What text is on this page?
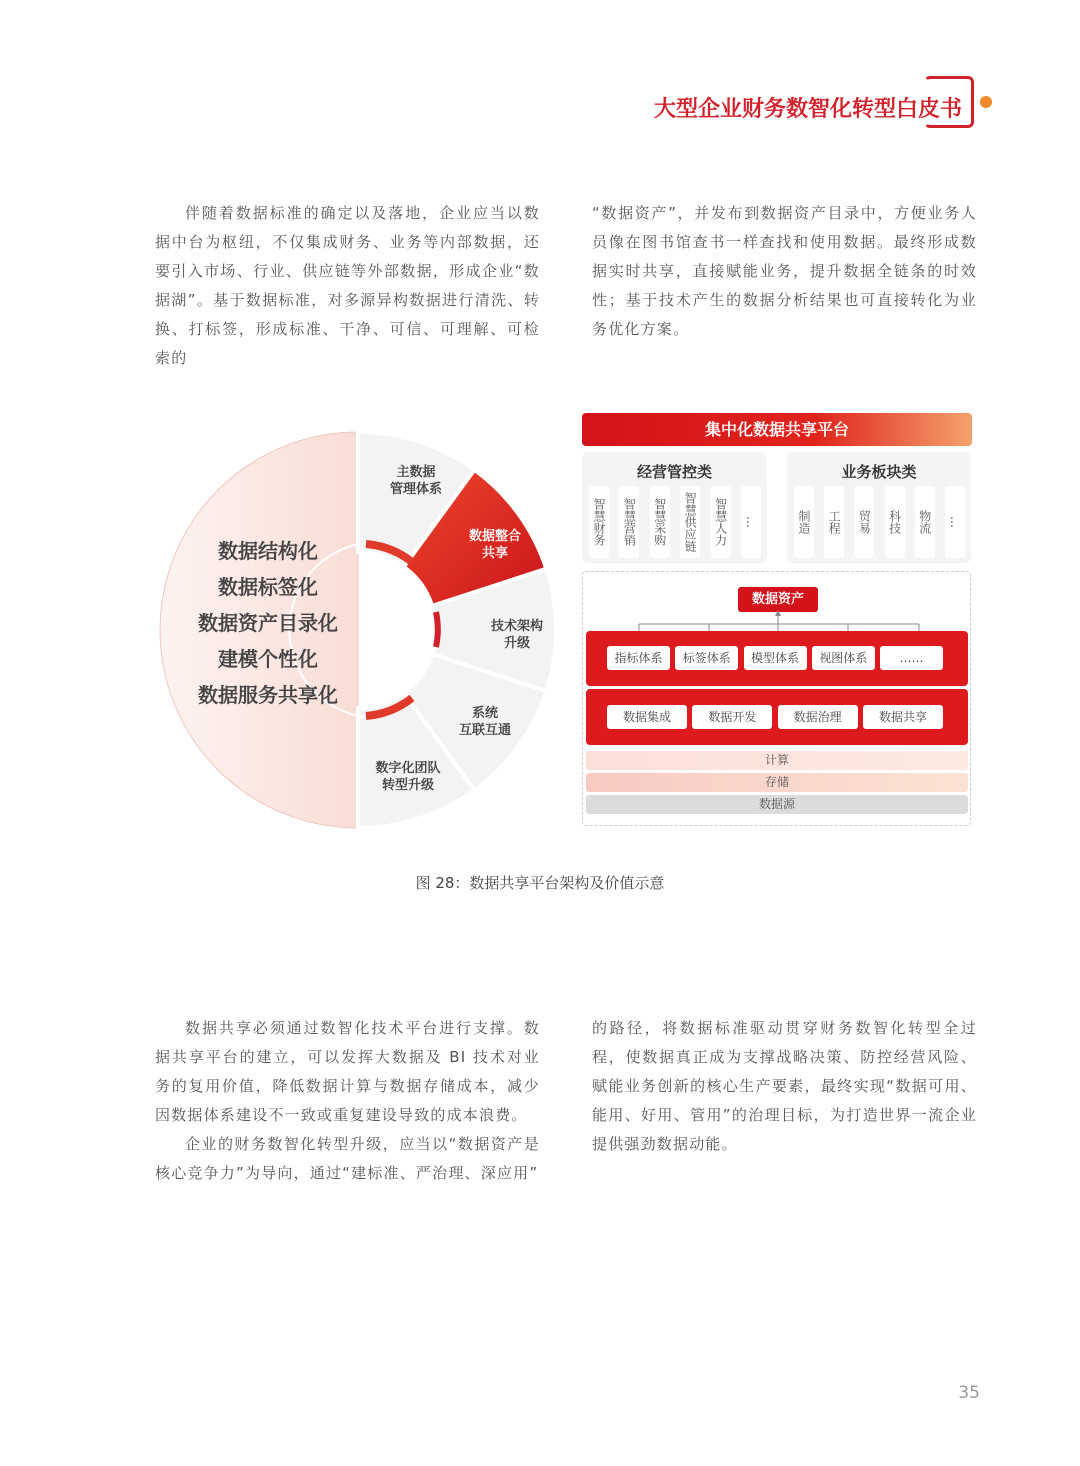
大型企业财务数智化转型白皮书

伴随着数据标准的确定以及落地，企业应当以数据中台为枢纽，不仅集成财务、业务等内部数据，还要引入市场、行业、供应链等外部数据，形成企业“数据湖”。基于数据标准，对多源异构数据进行清洗、转换、打标签，形成标准、干净、可信、可理解、可检索的

“数据资产”，并发布到数据资产目录中，方便业务人员像在图书馆查书一样查找和使用数据。最终形成数据实时共享，直接赋能业务，提升数据全链条的时效性；基于技术产生的数据分析结果也可直接转化为业务优化方案。

数据结构化
数据标签化
数据资产目录化
建模个性化
数据服务共享化
主数据
管理体系
数据整合
共享
技术架构
升级
系统
互联互通
数字化团队
转型升级
集中化数据共享平台
经营管控类
智慧财务 智慧营销 智慧采购 智慧供应链 智慧人力 …
业务板块类
制造 工程 贸易 科技 物流 …
数据资产
指标体系	标签体系	模型体系	视图体系	……
数据集成	数据开发	数据治理	数据共享
计算
存储
数据源
图 28：数据共享平台架构及价值示意

数据共享必须通过数智化技术平台进行支撑。数据共享平台的建立，可以发挥大数据及 BI 技术对业务的复用价值，降低数据计算与数据存储成本，减少因数据体系建设不一致或重复建设导致的成本浪费。

企业的财务数智化转型升级，应当以“数据资产是核心竞争力”为导向，通过“建标准、严治理、深应用”

的路径，将数据标准驱动贯穿财务数智化转型全过程，使数据真正成为支撑战略决策、防控经营风险、赋能业务创新的核心生产要素，最终实现“数据可用、能用、好用、管用”的治理目标，为打造世界一流企业提供强劲数据动能。

35
